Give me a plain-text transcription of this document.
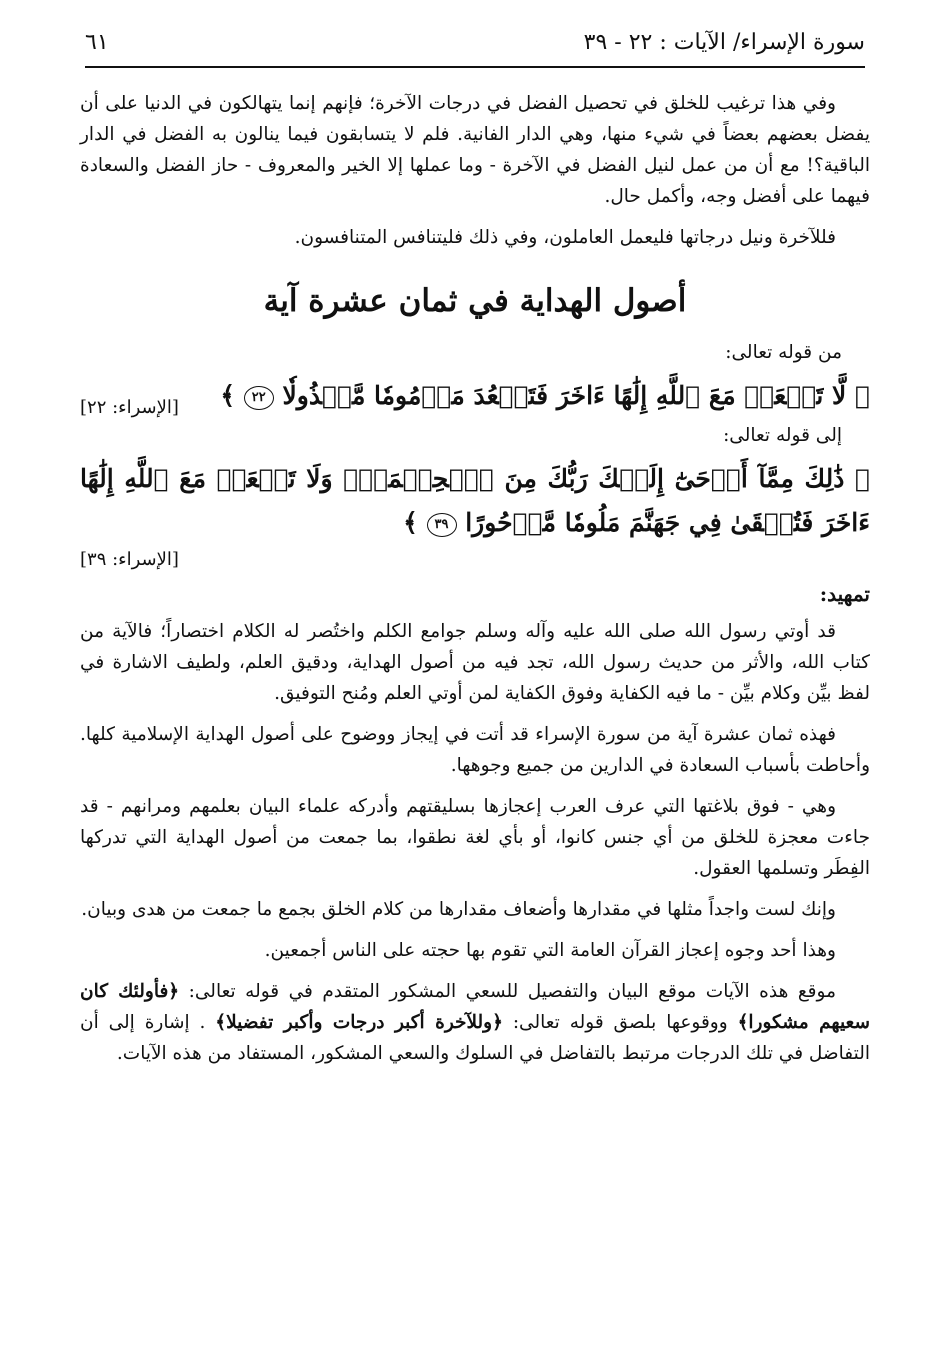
سورة الإسراء/ الآيات : ٢٢ - ٣٩
٦١

وفي هذا ترغيب للخلق في تحصيل الفضل في درجات الآخرة؛ فإنهم إنما يتهالكون في الدنيا على أن يفضل بعضهم بعضاً في شيء منها، وهي الدار الفانية. فلم لا يتسابقون فيما ينالون به الفضل في الدار الباقية؟! مع أن من عمل لنيل الفضل في الآخرة - وما عملها إلا الخير والمعروف - حاز الفضل والسعادة فيهما على أفضل وجه، وأكمل حال.

فللآخرة ونيل درجاتها فليعمل العاملون، وفي ذلك فليتنافس المتنافسون.

أصول الهداية في ثمان عشرة آية
من قوله تعالى:
﴿ لَّا تَجۡعَلۡ مَعَ ٱللَّهِ إِلَٰهًا ءَاخَرَ فَتَقۡعُدَ مَذۡمُومٗا مَّخۡذُولٗا ٢٢ ﴾
[الإسراء: ٢٢]
إلى قوله تعالى:
﴿ ذَٰلِكَ مِمَّآ أَوۡحَىٰٓ إِلَيۡكَ رَبُّكَ مِنَ ٱلۡحِكۡمَةِۗ وَلَا تَجۡعَلۡ مَعَ ٱللَّهِ إِلَٰهًا ءَاخَرَ فَتُلۡقَىٰ فِي جَهَنَّمَ مَلُومٗا مَّدۡحُورًا ٣٩ ﴾
[الإسراء: ٣٩]
تمهيد:

قد أوتي رسول الله صلى الله عليه وآله وسلم جوامع الكلم واختُصر له الكلام اختصاراً؛ فالآية من كتاب الله، والأثر من حديث رسول الله، تجد فيه من أصول الهداية، ودقيق العلم، ولطيف الاشارة في لفظ بيِّن وكلام بيِّن - ما فيه الكفاية وفوق الكفاية لمن أوتي العلم ومُنح التوفيق.

فهذه ثمان عشرة آية من سورة الإسراء قد أتت في إيجاز ووضوح على أصول الهداية الإسلامية كلها. وأحاطت بأسباب السعادة في الدارين من جميع وجوهها.

وهي - فوق بلاغتها التي عرف العرب إعجازها بسليقتهم وأدركه علماء البيان بعلمهم ومرانهم - قد جاءت معجزة للخلق من أي جنس كانوا، أو بأي لغة نطقوا، بما جمعت من أصول الهداية التي تدركها الفِطَر وتسلمها العقول.

وإنك لست واجداً مثلها في مقدارها وأضعاف مقدارها من كلام الخلق بجمع ما جمعت من هدى وبيان.

وهذا أحد وجوه إعجاز القرآن العامة التي تقوم بها حجته على الناس أجمعين.

موقع هذه الآيات موقع البيان والتفصيل للسعي المشكور المتقدم في قوله تعالى: ﴿فأولئك كان سعيهم مشكورا﴾ ووقوعها بلصق قوله تعالى: ﴿وللآخرة أكبر درجات وأكبر تفضيلا﴾ . إشارة إلى أن التفاضل في تلك الدرجات مرتبط بالتفاضل في السلوك والسعي المشكور، المستفاد من هذه الآيات.
